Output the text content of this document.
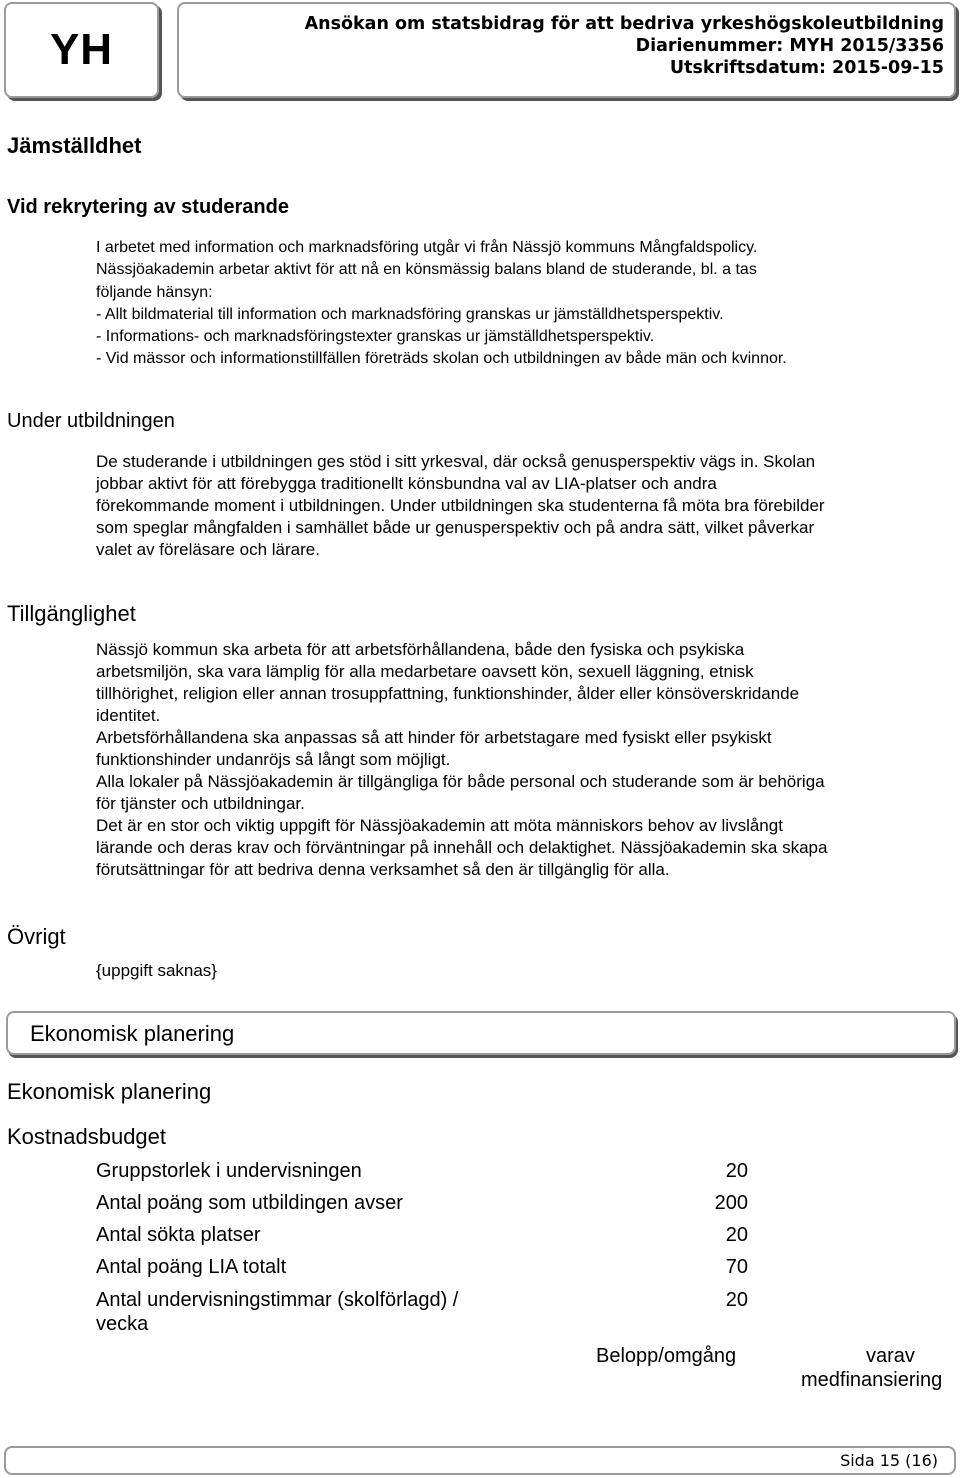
YH
Ansökan om statsbidrag för att bedriva yrkeshögskoleutbildning
Diarienummer: MYH 2015/3356
Utskriftsdatum: 2015-09-15
Jämställdhet
Vid rekrytering av studerande
I arbetet med information och marknadsföring utgår vi från Nässjö kommuns Mångfaldspolicy.
Nässjöakademin arbetar aktivt för att nå en könsmässig balans bland de studerande, bl. a tas
följande hänsyn:
- Allt bildmaterial till information och marknadsföring granskas ur jämställdhetsperspektiv.
- Informations- och marknadsföringstexter granskas ur jämställdhetsperspektiv.
- Vid mässor och informationstillfällen företräds skolan och utbildningen av både män och kvinnor.
Under utbildningen
De studerande i utbildningen ges stöd i sitt yrkesval, där också genusperspektiv vägs in. Skolan
jobbar aktivt för att förebygga traditionellt könsbundna val av LIA-platser och andra
förekommande moment i utbildningen. Under utbildningen ska studenterna få möta bra förebilder
som speglar mångfalden i samhället både ur genusperspektiv och på andra sätt, vilket påverkar
valet av föreläsare och lärare.
Tillgänglighet
Nässjö kommun ska arbeta för att arbetsförhållandena, både den fysiska och psykiska
arbetsmiljön, ska vara lämplig för alla medarbetare oavsett kön, sexuell läggning, etnisk
tillhörighet, religion eller annan trosuppfattning, funktionshinder, ålder eller könsöverskridande
identitet.
Arbetsförhållandena ska anpassas så att hinder för arbetstagare med fysiskt eller psykiskt
funktionshinder undanröjs så långt som möjligt.
Alla lokaler på Nässjöakademin är tillgängliga för både personal och studerande som är behöriga
för tjänster och utbildningar.
Det är en stor och viktig uppgift för Nässjöakademin att möta människors behov av livslångt
lärande och deras krav och förväntningar på innehåll och delaktighet. Nässjöakademin ska skapa
förutsättningar för att bedriva denna verksamhet så den är tillgänglig för alla.
Övrigt
{uppgift saknas}
Ekonomisk planering
Ekonomisk planering
Kostnadsbudget
Gruppstorlek i undervisningen	20
Antal poäng som utbildingen avser	200
Antal sökta platser	20
Antal poäng LIA totalt	70
Antal undervisningstimmar (skolförlagd) /	20
vecka
Belopp/omgång	varav
medfinansiering
Sida 15 (16)
